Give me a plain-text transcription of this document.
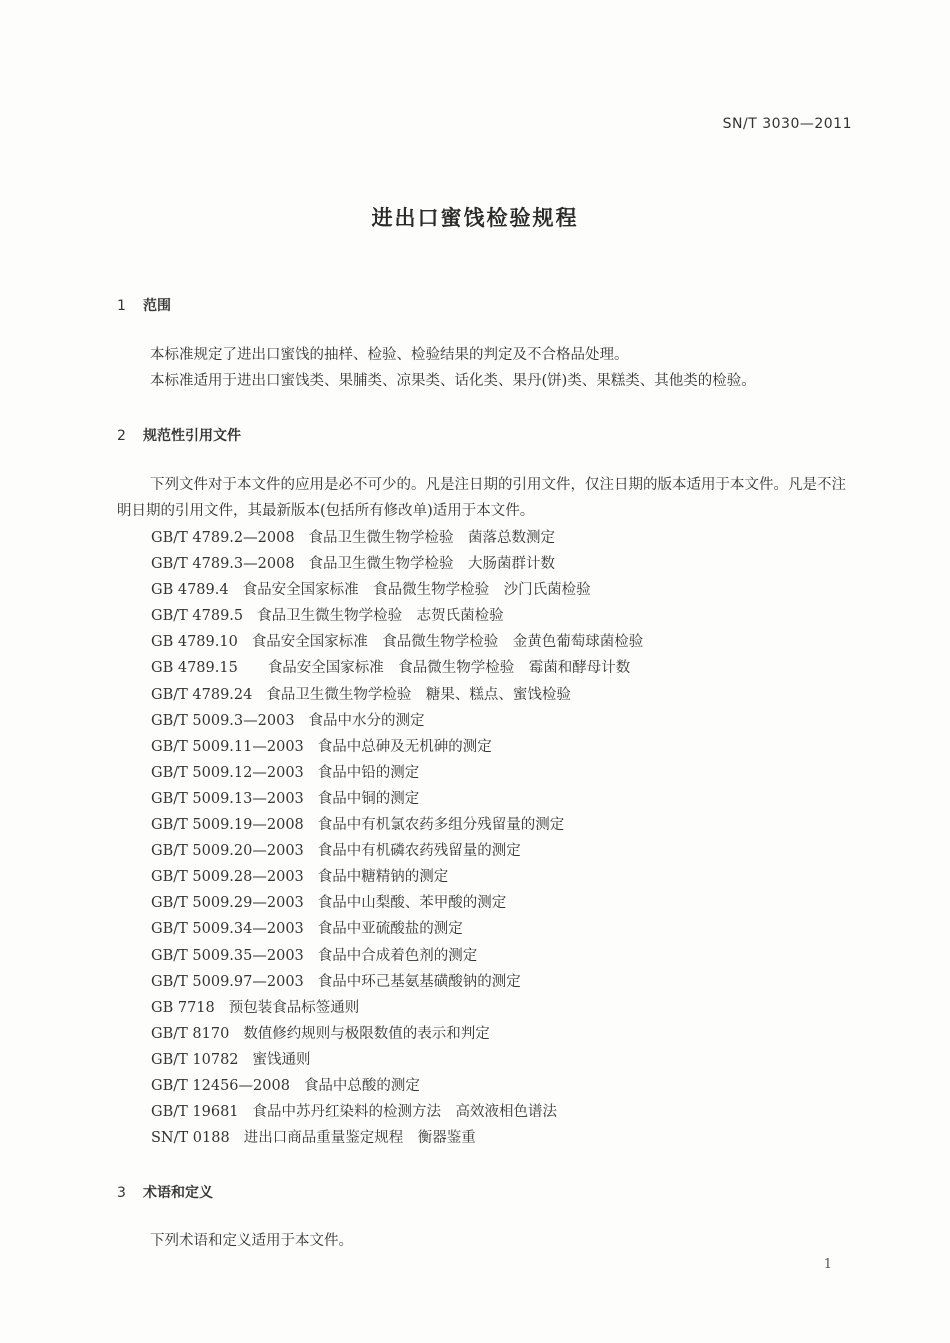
SN/T 3030—2011
进出口蜜饯检验规程
1 范围

本标准规定了进出口蜜饯的抽样、检验、检验结果的判定及不合格品处理。

本标准适用于进出口蜜饯类、果脯类、凉果类、话化类、果丹(饼)类、果糕类、其他类的检验。

2 规范性引用文件

下列文件对于本文件的应用是必不可少的。凡是注日期的引用文件，仅注日期的版本适用于本文件。凡是不注明日期的引用文件，其最新版本(包括所有修改单)适用于本文件。

GB/T 4789.2—2008 食品卫生微生物学检验　菌落总数测定
GB/T 4789.3—2008 食品卫生微生物学检验　大肠菌群计数
GB 4789.4 食品安全国家标准　食品微生物学检验　沙门氏菌检验
GB/T 4789.5 食品卫生微生物学检验　志贺氏菌检验
GB 4789.10 食品安全国家标准　食品微生物学检验　金黄色葡萄球菌检验
GB 4789.15 食品安全国家标准　食品微生物学检验　霉菌和酵母计数
GB/T 4789.24 食品卫生微生物学检验　糖果、糕点、蜜饯检验
GB/T 5009.3—2003 食品中水分的测定
GB/T 5009.11—2003 食品中总砷及无机砷的测定
GB/T 5009.12—2003 食品中铅的测定
GB/T 5009.13—2003 食品中铜的测定
GB/T 5009.19—2008 食品中有机氯农药多组分残留量的测定
GB/T 5009.20—2003 食品中有机磷农药残留量的测定
GB/T 5009.28—2003 食品中糖精钠的测定
GB/T 5009.29—2003 食品中山梨酸、苯甲酸的测定
GB/T 5009.34—2003 食品中亚硫酸盐的测定
GB/T 5009.35—2003 食品中合成着色剂的测定
GB/T 5009.97—2003 食品中环己基氨基磺酸钠的测定
GB 7718 预包装食品标签通则
GB/T 8170 数值修约规则与极限数值的表示和判定
GB/T 10782 蜜饯通则
GB/T 12456—2008 食品中总酸的测定
GB/T 19681 食品中苏丹红染料的检测方法　高效液相色谱法
SN/T 0188 进出口商品重量鉴定规程　衡器鉴重
3 术语和定义

下列术语和定义适用于本文件。

1
